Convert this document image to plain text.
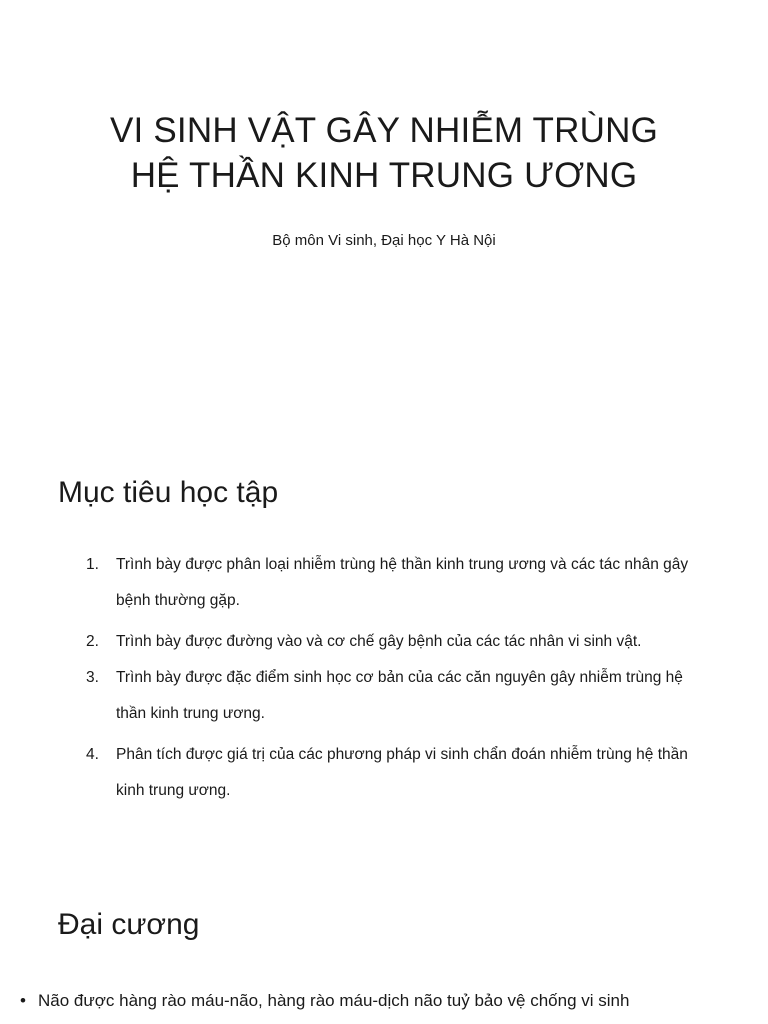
VI SINH VẬT GÂY NHIỄM TRÙNG
HỆ THẦN KINH TRUNG ƯƠNG

Bộ môn Vi sinh, Đại học Y Hà Nội

Mục tiêu học tập
1.	Trình bày được phân loại nhiễm trùng hệ thần kinh trung ương và các tác nhân gây bệnh thường gặp.
2.	Trình bày được đường vào và cơ chế gây bệnh của các tác nhân vi sinh vật.
3.	Trình bày được đặc điểm sinh học cơ bản của các căn nguyên gây nhiễm trùng hệ thần kinh trung ương.
4.	Phân tích được giá trị của các phương pháp vi sinh chẩn đoán nhiễm trùng hệ thần kinh trung ương.
Đại cương
• Não được hàng rào máu-não, hàng rào máu-dịch não tuỷ bảo vệ chống vi sinh
